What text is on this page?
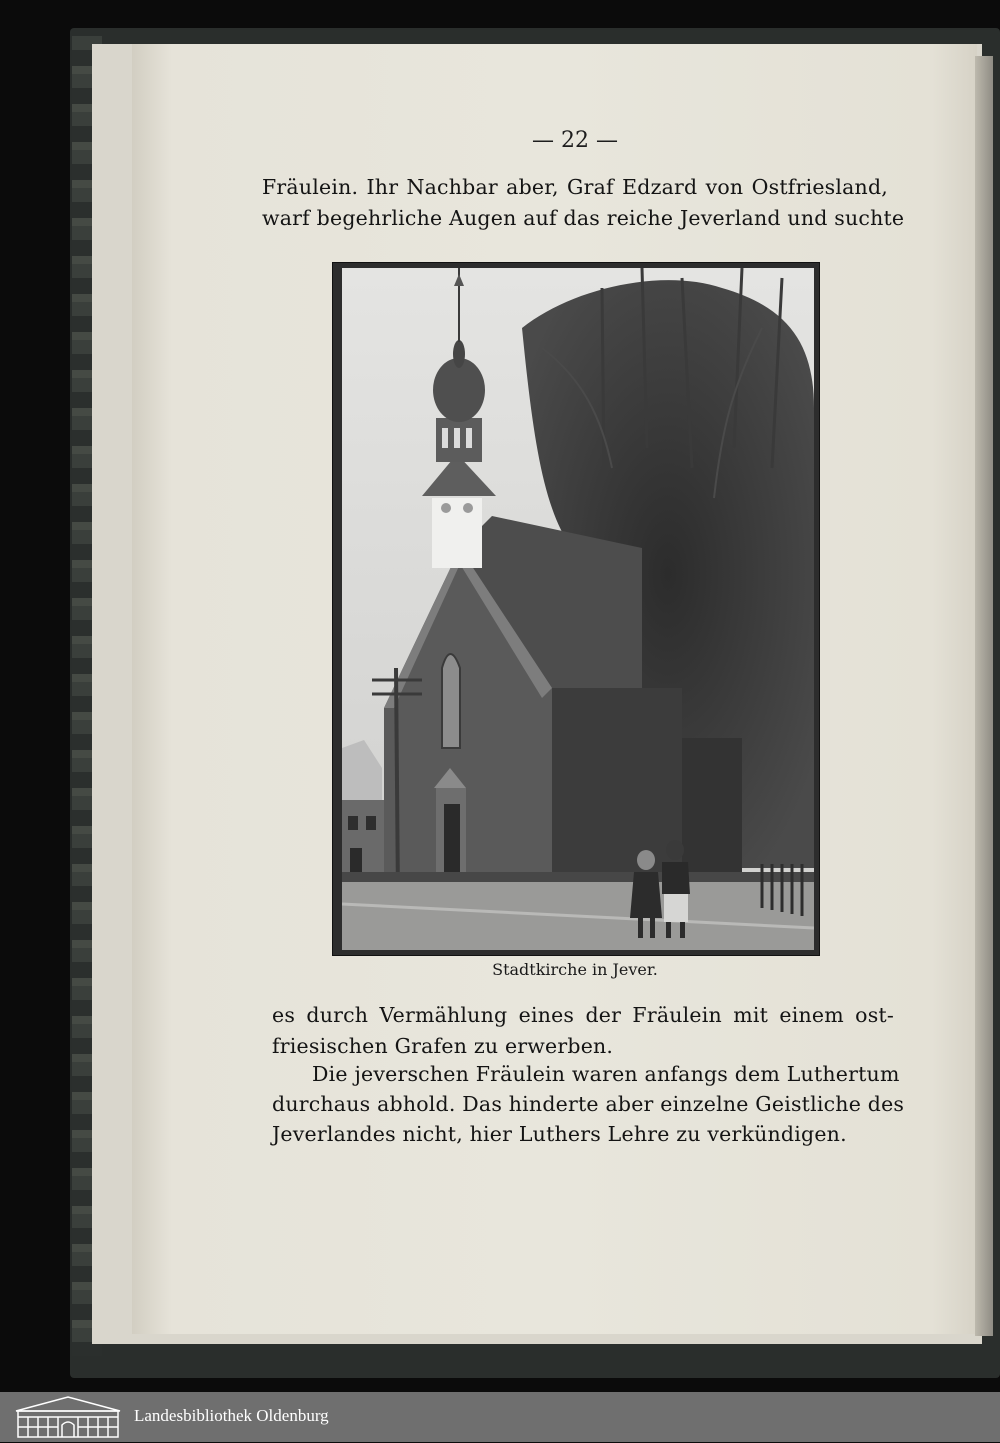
— 22 —
Fräulein. Ihr Nachbar aber, Graf Edzard von Ostfriesland,
warf begehrliche Augen auf das reiche Jeverland und suchte
Stadtkirche in Jever.
es durch Vermählung eines der Fräulein mit einem ost-
friesischen Grafen zu erwerben.
Die jeverschen Fräulein waren anfangs dem Luthertum
durchaus abhold. Das hinderte aber einzelne Geistliche des
Jeverlandes nicht, hier Luthers Lehre zu verkündigen.
Landesbibliothek Oldenburg
